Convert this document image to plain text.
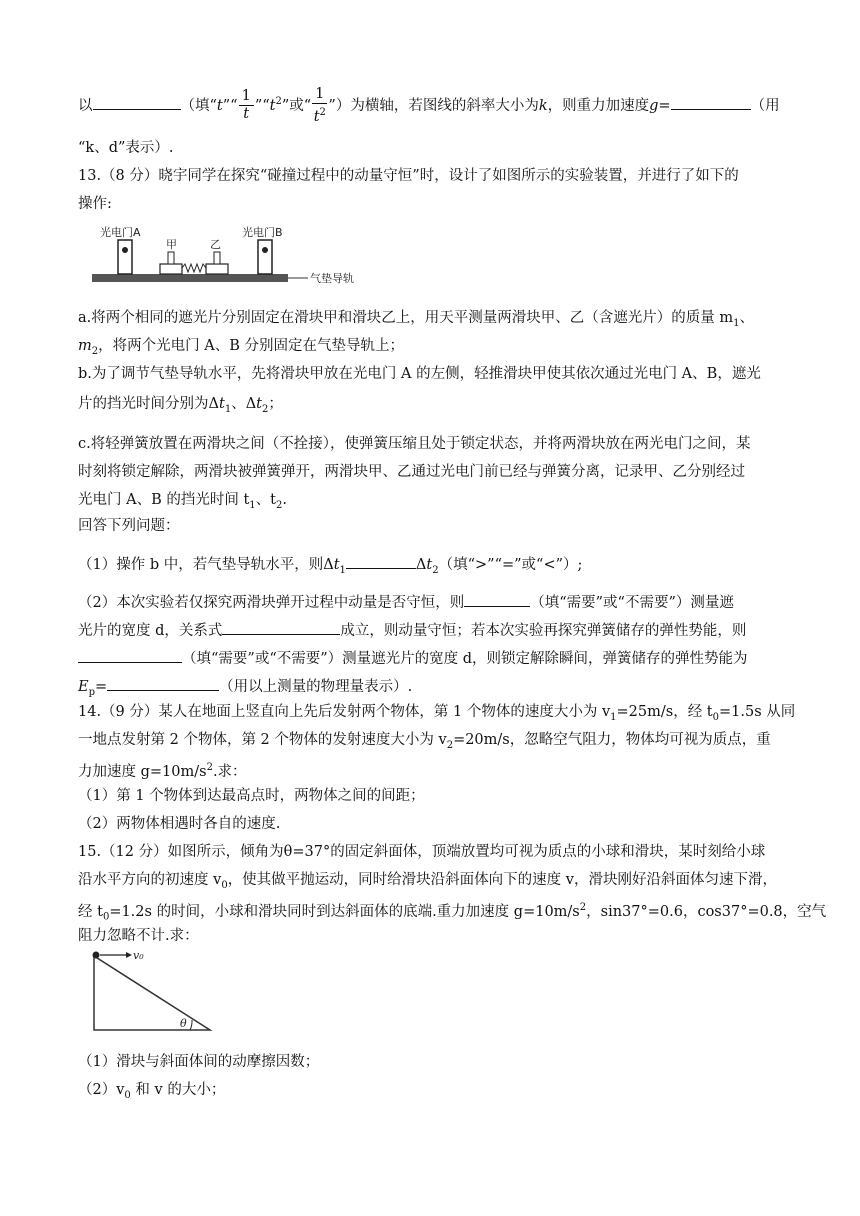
以	（填“t”“ $\frac{1}{t}$ $”“t^2$”或“ $\frac{1}{t^2}$ ”）为横轴，若图线的斜率大小为k，则重力加速度g=	（用
“k、d”表示）.
13.（8 分）晓宇同学在探究“碰撞过程中的动量守恒”时，设计了如图所示的实验装置，并进行了如下的
操作:
气垫导轨
光电门A
甲	乙
光电门B
a.将两个相同的遮光片分别固定在滑块甲和滑块乙上，用天平测量两滑块甲、乙（含遮光片）的质量 $m_1$、
$m_2$，将两个光电门 A、B 分别固定在气垫导轨上；
b.为了调节气垫导轨水平，先将滑块甲放在光电门 A 的左侧，轻推滑块甲使其依次通过光电门 A、B，遮光
片的挡光时间分别为$\Delta t_1$、$\Delta t_2$；
c.将轻弹簧放置在两滑块之间（不拴接），使弹簧压缩且处于锁定状态，并将两滑块放在两光电门之间，某
时刻将锁定解除，两滑块被弹簧弹开，两滑块甲、乙通过光电门前已经与弹簧分离，记录甲、乙分别经过
光电门 A、B 的挡光时间 $t_1$、$t_2$.
回答下列问题：
（1）操作 b 中，若气垫导轨水平，则$\Delta t_1$	$\Delta t_2$（填“>”“=”或“<”）;
（2）本次实验若仅探究两滑块弹开过程中动量是否守恒，则	（填“需要”或“不需要”）测量遮
光片的宽度 d，关系式	成立，则动量守恒；若本次实验再探究弹簧储存的弹性势能，则
（填“需要”或“不需要”）测量遮光片的宽度 d，则锁定解除瞬间，弹簧储存的弹性势能为
$E_p=$	（用以上测量的物理量表示）.
14.（9 分）某人在地面上竖直向上先后发射两个物体，第 1 个物体的速度大小为 $v_1=25m/s$，经 $t_0=1.5s$ 从同
一地点发射第 2 个物体，第 2 个物体的发射速度大小为 $v_2=20m/s$，忽略空气阻力，物体均可视为质点，重
力加速度 $g=10m/s^2$.求：
（1）第 1 个物体到达最高点时，两物体之间的间距；
（2）两物体相遇时各自的速度.
15.（12 分）如图所示，倾角为θ=37°的固定斜面体，顶端放置均可视为质点的小球和滑块，某时刻给小球
沿水平方向的初速度 $v_0$，使其做平抛运动，同时给滑块沿斜面体向下的速度 v，滑块刚好沿斜面体匀速下滑，
经 $t_0=1.2s$ 的时间，小球和滑块同时到达斜面体的底端.重力加速度 $g=10m/s^2$，sin37°=0.6，cos37°=0.8，空气
阻力忽略不计.求：
v₀
θ
（1）滑块与斜面体间的动摩擦因数；
$(2)v_0$ 和 v 的大小；
